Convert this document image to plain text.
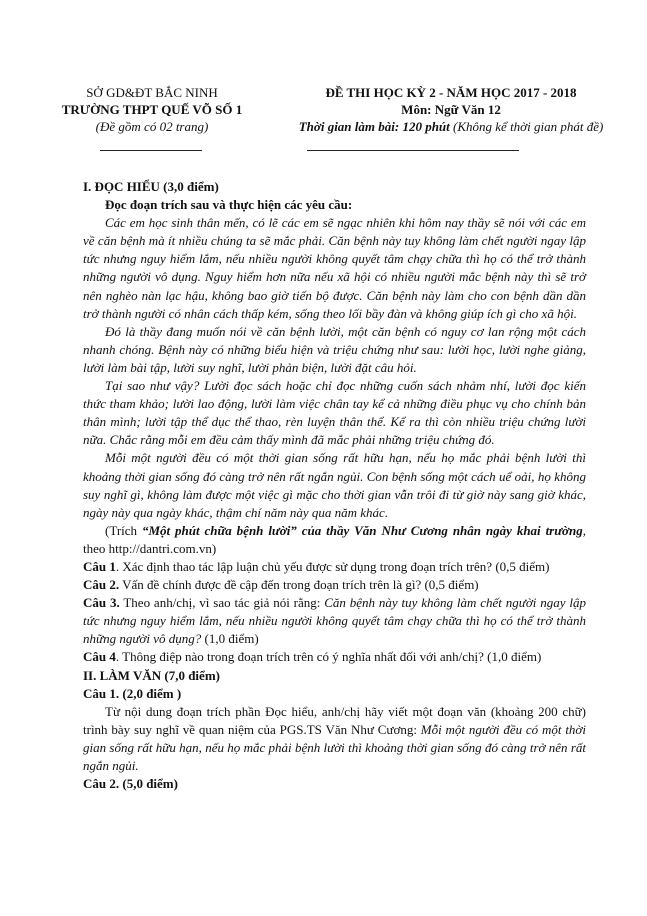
SỞ GD&ĐT BẮC NINH
TRƯỜNG THPT QUẾ VÕ SỐ 1
(Đề gồm có 02 trang)
ĐỀ THI HỌC KỲ 2 - NĂM HỌC 2017 - 2018
Môn: Ngữ Văn 12
Thời gian làm bài: 120 phút (Không kể thời gian phát đề)

I. ĐỌC HIỂU (3,0 điểm)

Đọc đoạn trích sau và thực hiện các yêu cầu:

Các em học sinh thân mến, có lẽ các em sẽ ngạc nhiên khi hôm nay thầy sẽ nói với các em về căn bệnh mà ít nhiều chúng ta sẽ mắc phải. Căn bệnh này tuy không làm chết người ngay lập tức nhưng nguy hiểm lắm, nếu nhiều người không quyết tâm chạy chữa thì họ có thể trở thành những người vô dụng. Nguy hiểm hơn nữa nếu xã hội có nhiều người mắc bệnh này thì sẽ trở nên nghèo nàn lạc hậu, không bao giờ tiến bộ được. Căn bệnh này làm cho con bệnh dần dần trở thành người có nhân cách thấp kém, sống theo lối bầy đàn và không giúp ích gì cho xã hội.

Đó là thầy đang muốn nói về căn bệnh lười, một căn bệnh có nguy cơ lan rộng một cách nhanh chóng. Bệnh này có những biểu hiện và triệu chứng như sau: lười học, lười nghe giảng, lười làm bài tập, lười suy nghĩ, lười phản biện, lười đặt câu hỏi.

Tại sao như vậy? Lười đọc sách hoặc chỉ đọc những cuốn sách nhảm nhí, lười đọc kiến thức tham khảo; lười lao động, lười làm việc chân tay kể cả những điều phục vụ cho chính bản thân mình; lười tập thể dục thể thao, rèn luyện thân thể. Kể ra thì còn nhiều triệu chứng lười nữa. Chắc rằng mỗi em đều cảm thấy mình đã mắc phải những triệu chứng đó.

Mỗi một người đều có một thời gian sống rất hữu hạn, nếu họ mắc phải bệnh lười thì khoảng thời gian sống đó càng trở nên rất ngắn ngủi. Con bệnh sống một cách uể oải, họ không suy nghĩ gì, không làm được một việc gì mặc cho thời gian vẫn trôi đi từ giờ này sang giờ khác, ngày này qua ngày khác, thậm chí năm này qua năm khác.

(Trích “Một phút chữa bệnh lười” của thầy Văn Như Cương nhân ngày khai trường, theo http://dantri.com.vn)

Câu 1. Xác định thao tác lập luận chủ yếu được sử dụng trong đoạn trích trên? (0,5 điểm)

Câu 2. Vấn đề chính được đề cập đến trong đoạn trích trên là gì? (0,5 điểm)

Câu 3. Theo anh/chị, vì sao tác giả nói rằng: Căn bệnh này tuy không làm chết người ngay lập tức nhưng nguy hiểm lắm, nếu nhiều người không quyết tâm chạy chữa thì họ có thể trở thành những người vô dụng? (1,0 điểm)

Câu 4. Thông điệp nào trong đoạn trích trên có ý nghĩa nhất đối với anh/chị? (1,0 điểm)

II. LÀM VĂN (7,0 điểm)

Câu 1. (2,0 điểm )

Từ nội dung đoạn trích phần Đọc hiểu, anh/chị hãy viết một đoạn văn (khoảng 200 chữ) trình bày suy nghĩ về quan niệm của PGS.TS Văn Như Cương: Mỗi một người đều có một thời gian sống rất hữu hạn, nếu họ mắc phải bệnh lười thì khoảng thời gian sống đó càng trở nên rất ngắn ngủi.

Câu 2. (5,0 điểm)
